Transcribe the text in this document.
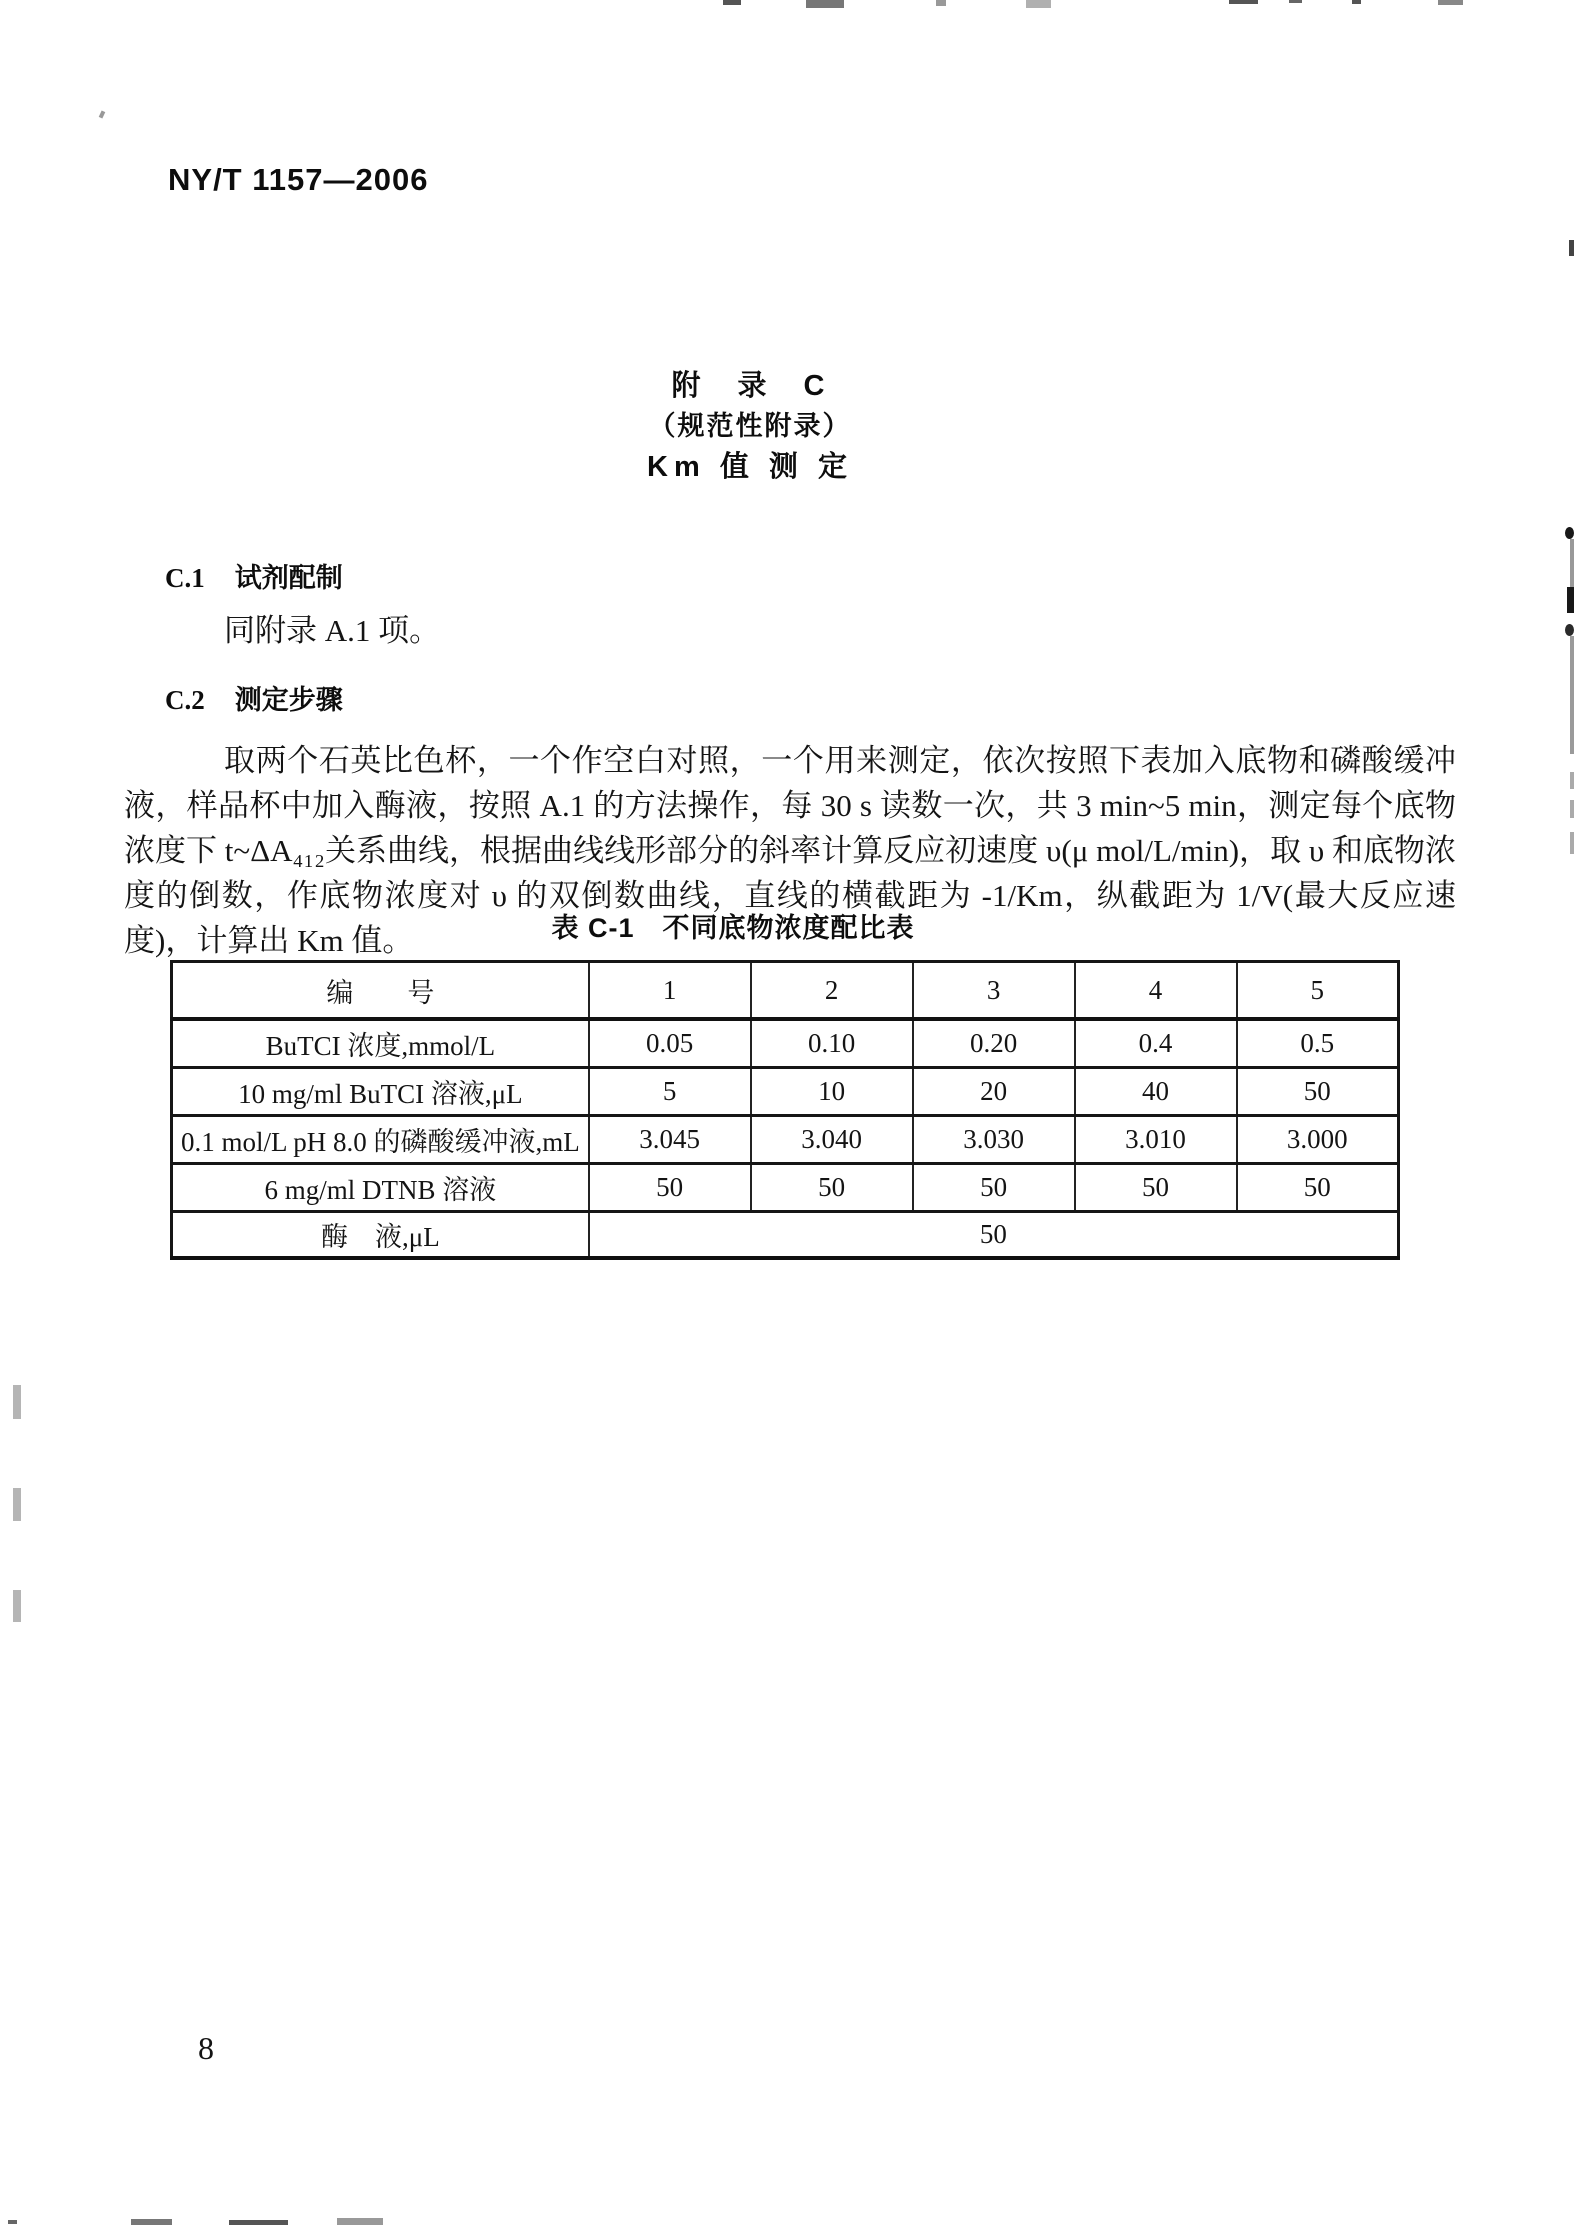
NY/T 1157—2006
附　录　C
（规范性附录）
Km 值 测 定
C.1 试剂配制
同附录 A.1 项。
C.2 测定步骤
取两个石英比色杯，一个作空白对照，一个用来测定，依次按照下表加入底物和磷酸缓冲液，样品杯中加入酶液，按照 A.1 的方法操作，每 30 s 读数一次，共 3 min~5 min，测定每个底物浓度下 t~ΔA₄₁₂关系曲线，根据曲线线形部分的斜率计算反应初速度 υ(μ mol/L/min)，取 υ 和底物浓度的倒数，作底物浓度对 υ 的双倒数曲线，直线的横截距为 -1/Km，纵截距为 1/V(最大反应速度)，计算出 Km 值。	表 C-1　不同底物浓度配比表
编　　号	1	2	3	4	5
BuTCI 浓度,mmol/L	0.05	0.10	0.20	0.4	0.5
10 mg/ml BuTCI 溶液,μL	5	10	20	40	50
0.1 mol/L pH 8.0 的磷酸缓冲液,mL	3.045	3.040	3.030	3.010	3.000
6 mg/ml DTNB 溶液	50	50	50	50	50
酶　液,μL	50				
8
